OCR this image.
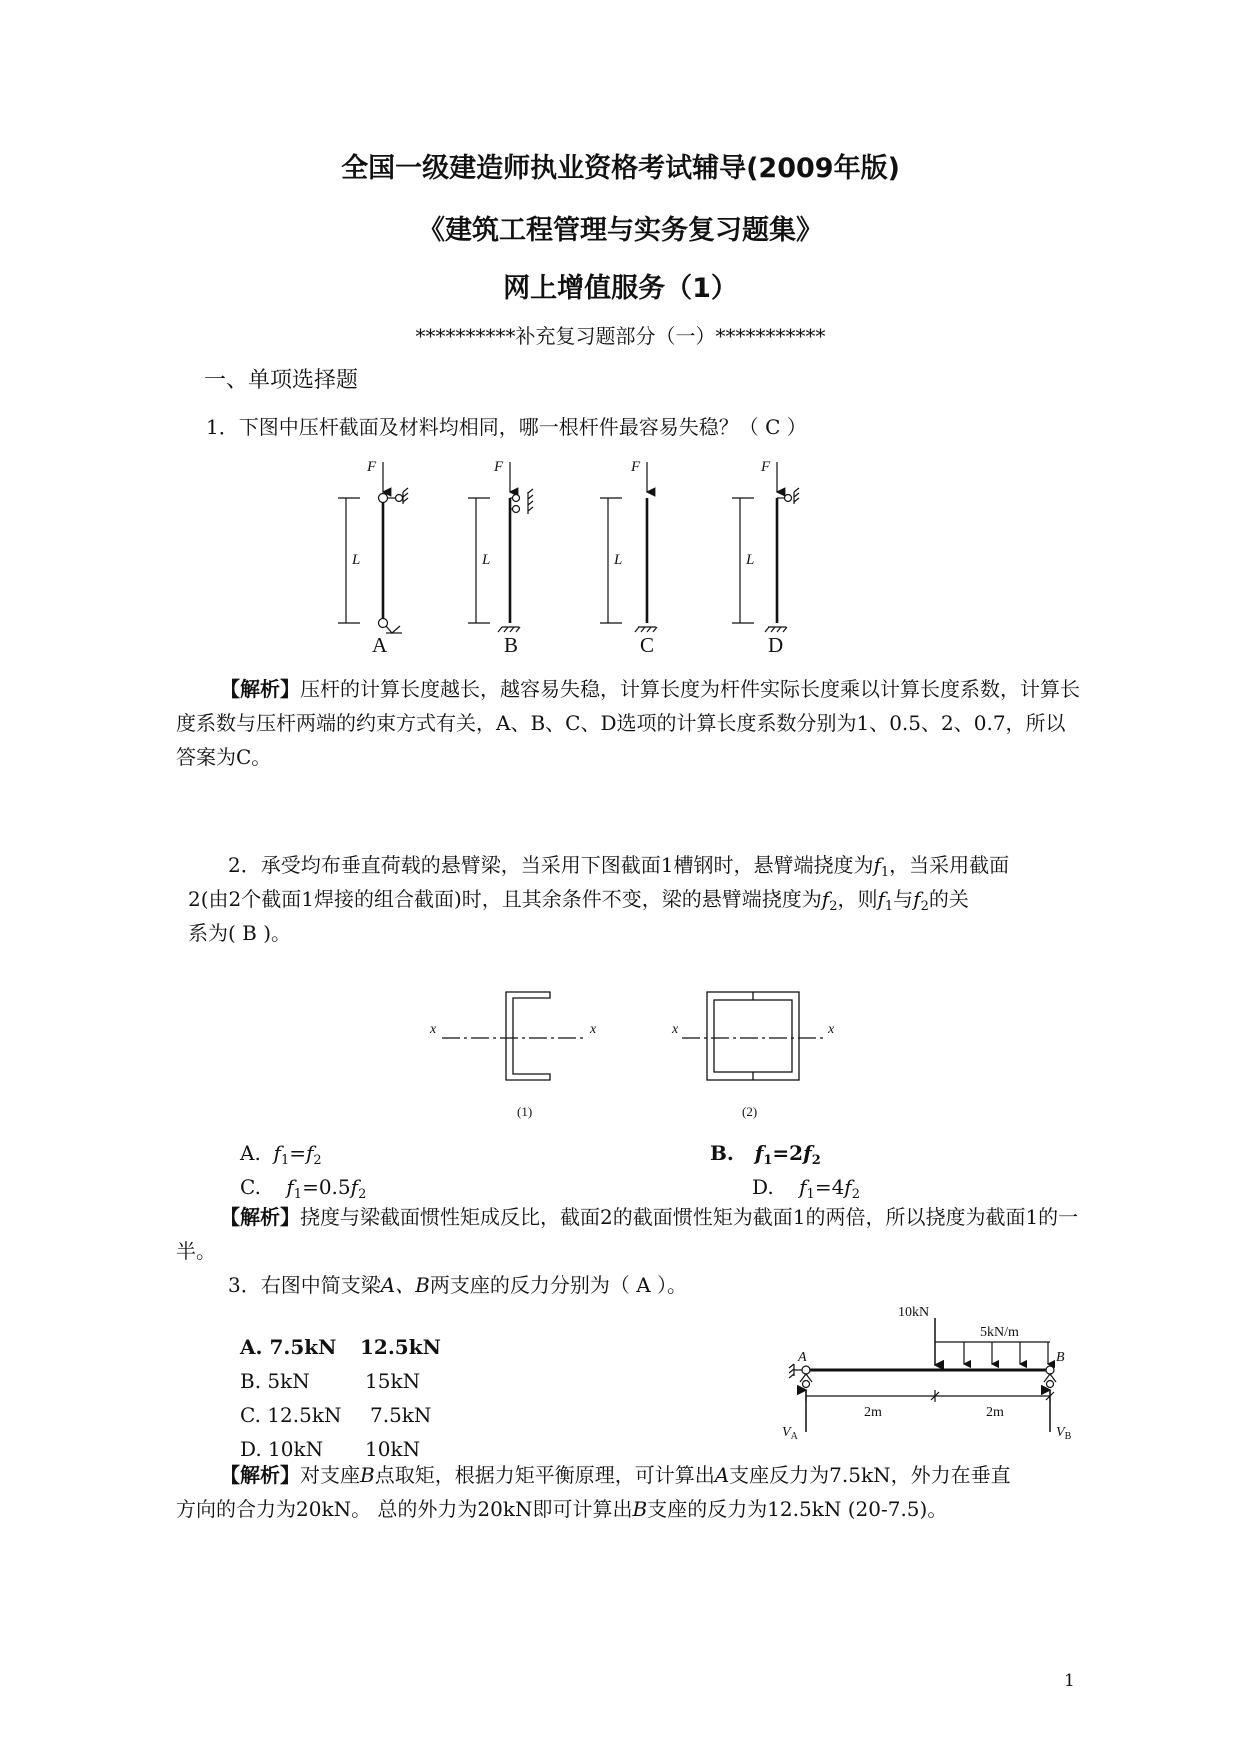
全国一级建造师执业资格考试辅导(2009年版)
《建筑工程管理与实务复习题集》
网上增值服务（1）
**********补充复习题部分（一）***********
一、单项选择题
1．下图中压杆截面及材料均相同，哪一根杆件最容易失稳？（ C ）
F	F	F	F
L	L	L	L
A	B	C	D
【解析】压杆的计算长度越长，越容易失稳，计算长度为杆件实际长度乘以计算长度系数，计算长度系数与压杆两端的约束方式有关，A、B、C、D选项的计算长度系数分别为1、0.5、2、0.7，所以答案为C。
2．承受均布垂直荷载的悬臂梁，当采用下图截面1槽钢时，悬臂端挠度为$f_1$，当采用截面
2(由2个截面1焊接的组合截面)时，且其余条件不变，梁的悬臂端挠度为$f_2$，则$f_1$与$f_2$的关
系为( B )。
x	x	x	x
(1)	(2)
A. $f_1=f_2$	B. $f_1=2f_2$
C. $f_1=0.5f_2$	D. $f_1=4f_2$
【解析】挠度与梁截面惯性矩成反比，截面2的截面惯性矩为截面1的两倍，所以挠度为截面1的一半。
3．右图中简支梁A、B两支座的反力分别为（ A ）。
A. 7.5kN 12.5kN
B. 5kN	15kN
C. 12.5kN 7.5kN
D. 10kN 10kN
10kN
5kN/m
2m	2m
A	B
$V_A$	$V_B$
【解析】对支座B点取矩，根据力矩平衡原理，可计算出A支座反力为7.5kN，外力在垂直
方向的合力为20kN。 总的外力为20kN即可计算出B支座的反力为12.5kN (20-7.5)。
1
